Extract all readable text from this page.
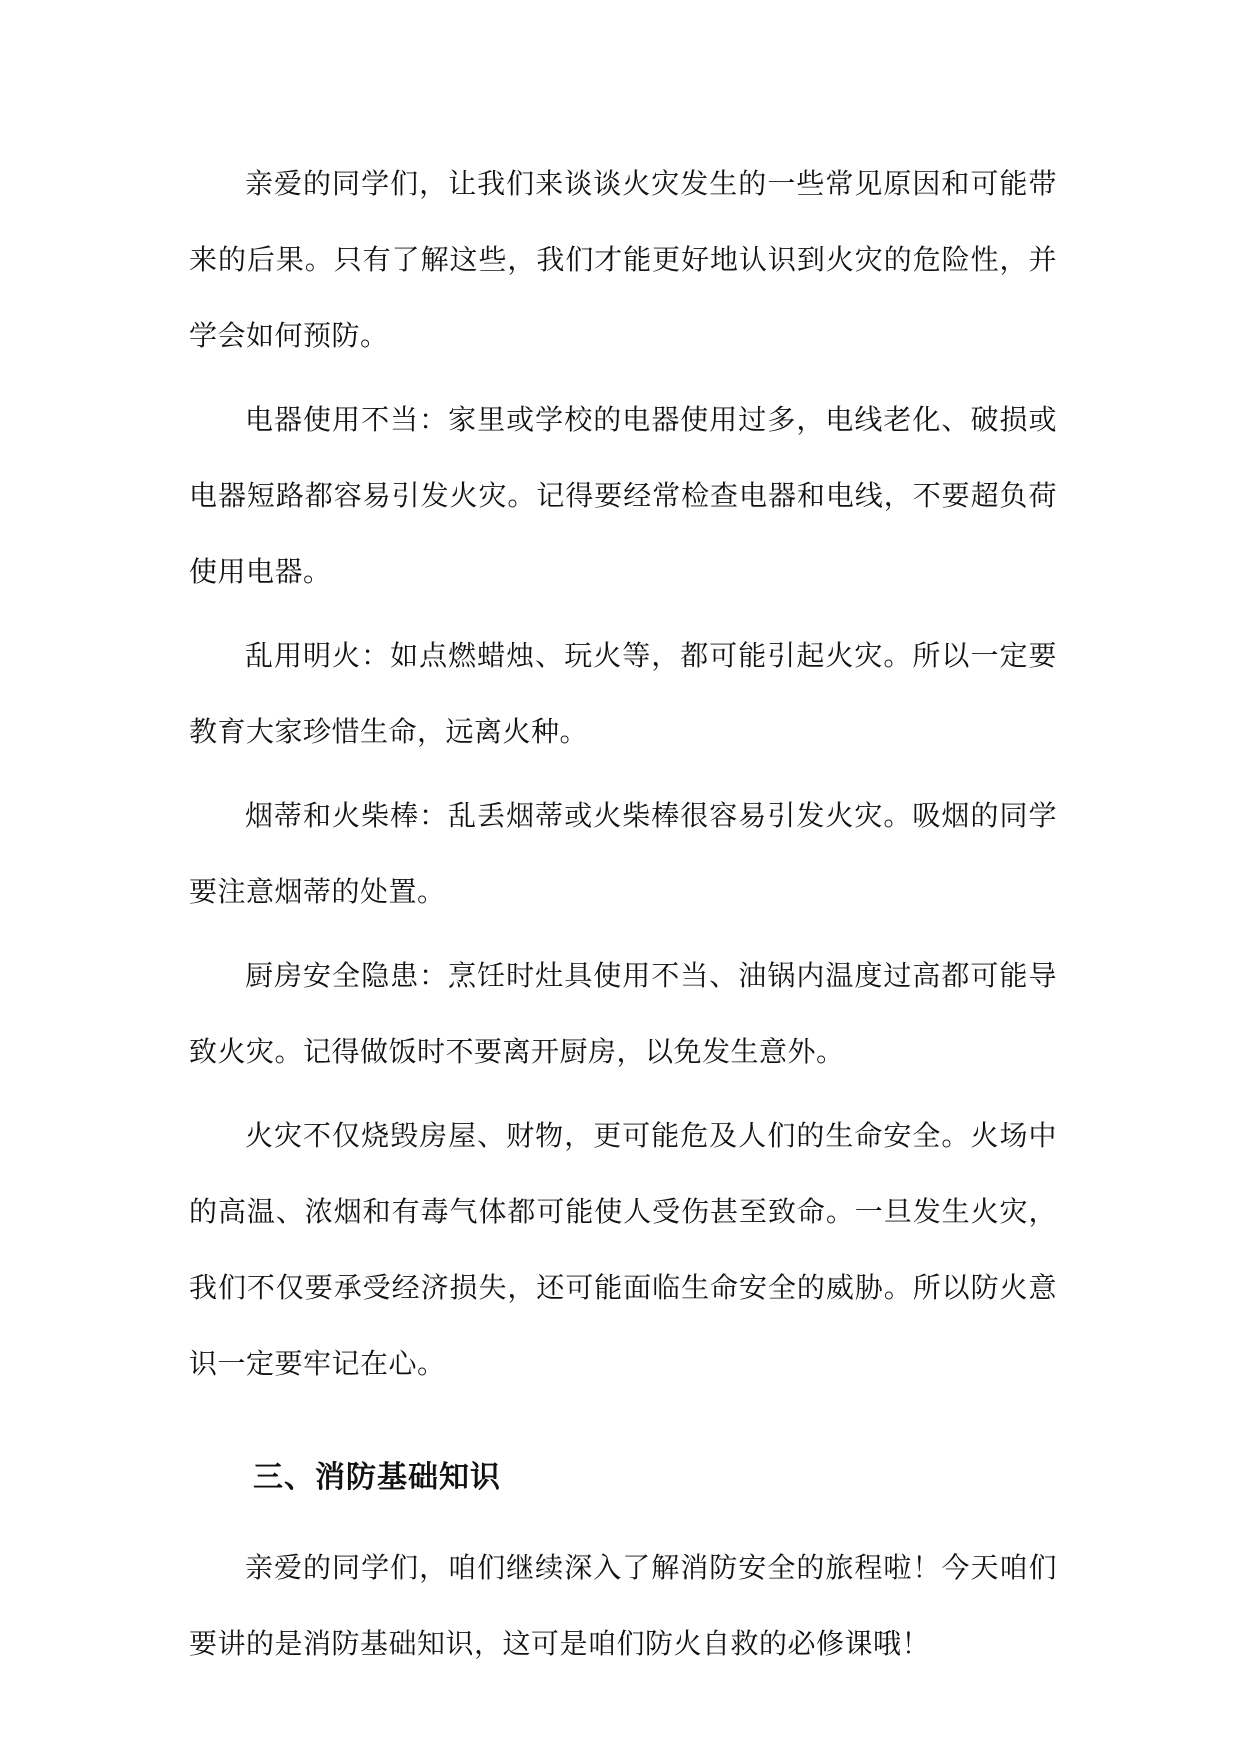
亲爱的同学们，让我们来谈谈火灾发生的一些常见原因和可能带来的后果。只有了解这些，我们才能更好地认识到火灾的危险性，并学会如何预防。

电器使用不当：家里或学校的电器使用过多，电线老化、破损或电器短路都容易引发火灾。记得要经常检查电器和电线，不要超负荷使用电器。

乱用明火：如点燃蜡烛、玩火等，都可能引起火灾。所以一定要教育大家珍惜生命，远离火种。

烟蒂和火柴棒：乱丢烟蒂或火柴棒很容易引发火灾。吸烟的同学要注意烟蒂的处置。

厨房安全隐患：烹饪时灶具使用不当、油锅内温度过高都可能导致火灾。记得做饭时不要离开厨房，以免发生意外。

火灾不仅烧毁房屋、财物，更可能危及人们的生命安全。火场中的高温、浓烟和有毒气体都可能使人受伤甚至致命。一旦发生火灾，我们不仅要承受经济损失，还可能面临生命安全的威胁。所以防火意识一定要牢记在心。

三、消防基础知识

亲爱的同学们，咱们继续深入了解消防安全的旅程啦！今天咱们要讲的是消防基础知识，这可是咱们防火自救的必修课哦！
